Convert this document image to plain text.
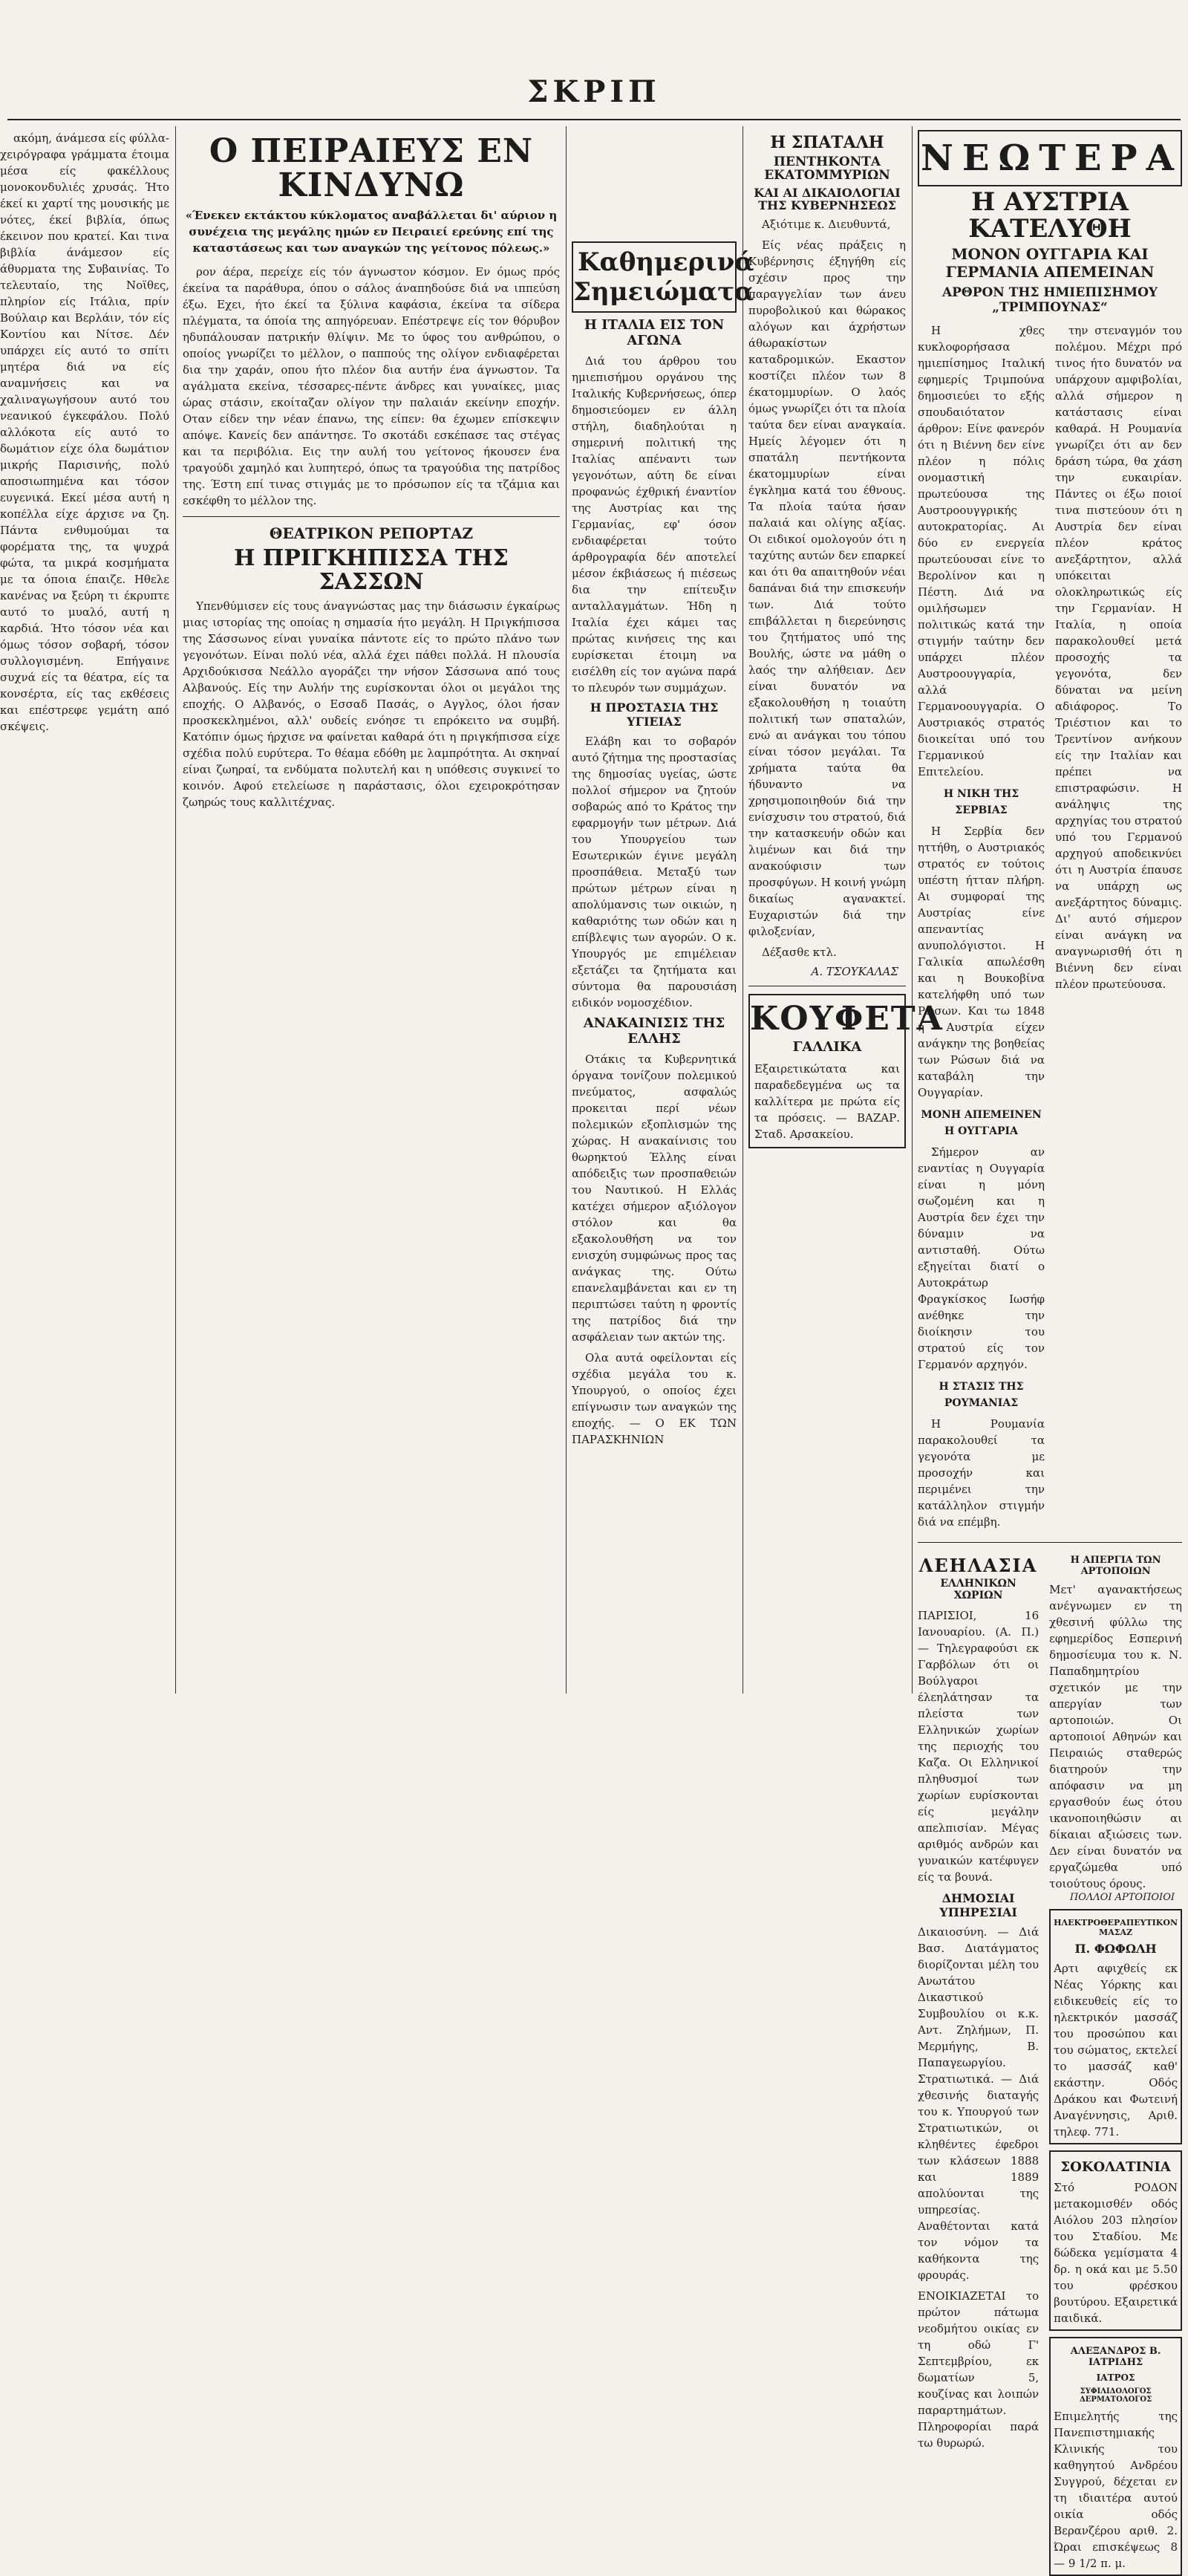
ΣΚΡΙΠ

ακόμη, άνάμεσα είς φύλλα-χειρόγραφα γράμματα έτοιμα μέσα είς φακέλλους μονοκονδυλιές χρυσάς. Ήτο έκεί κι χαρτί της μουσικής με νότες, έκεί βιβλία, όπως έκεινον που κρατεί. Και τινα βιβλία άνάμεσον είς άθυρματα της Συβαινίας. Το τελευταίο, της Νοϊθες, πληρίον είς Ιτάλια, πρίν Βούλαιρ και Βερλάιν, τόν είς Κοντίου και Νίτσε. Δέν υπάρχει είς αυτό το σπίτι μητέρα διά να είς αναμνήσεις και να χαλιναγωγήσουν αυτό του νεανικού έγκεφάλου. Πολύ αλλόκοτα είς αυτό το δωμάτιον είχε όλα δωμάτιον μικρής Παρισινής, πολύ αποσιωπημένα και τόσον ευγενικά. Εκεί μέσα αυτή η κοπέλλα είχε άρχισε να ζη. Πάντα ενθυμούμαι τα φορέματα της, τα ψυχρά φώτα, τα μικρά κοσμήματα με τα όποια έπαιζε. Ηθελε κανένας να ξεύρη τι έκρυπτε αυτό το μυαλό, αυτή η καρδιά. Ήτο τόσον νέα και όμως τόσον σοβαρή, τόσον συλλογισμένη. Επήγαινε συχνά είς τα θέατρα, είς τα κονσέρτα, είς τας εκθέσεις και επέστρεφε γεμάτη από σκέψεις.

Ο ΠΕΙΡΑΙΕΥΣ ΕΝ ΚΙΝΔΥΝΩ
«Ένεκεν εκτάκτου κύκλοματος αναβάλλεται δι' αύριον η συνέχεια της μεγάλης ημών εν Πειραιεί ερεύνης επί της καταστάσεως και των αναγκών της γείτονος πόλεως.»

ρον άέρα, περείχε είς τόν άγνωστον κόσμον. Εν όμως πρός έκείνα τα παράθυρα, όπου ο σάλος άναπηδούσε διά να ιππεύση έξω. Εχει, ήτο έκεί τα ξύλινα καφάσια, έκείνα τα σίδερα πλέγματα, τα όποία της απηγόρευαν. Επέστρεψε είς τον θόρυβον ηδυπάλουσαν πατρικήν θλίψιν. Με το ύφος του ανθρώπου, ο οποίος γνωρίζει το μέλλον, ο παππούς της ολίγον ενδιαφέρεται δια την χαράν, οπου ήτο πλέον δια αυτήν ένα άγνωστον. Τα αγάλματα εκείνα, τέσσαρες-πέντε άνδρες και γυναίκες, μιας ώρας στάσιν, εκοίταζαν ολίγον την παλαιάν εκείνην εποχήν. Οταν είδεν την νέαν έπανω, της είπεν: θα έχωμεν επίσκεψιν απόψε. Κανείς δεν απάντησε. Το σκοτάδι εσκέπασε τας στέγας και τα περιβόλια. Εις την αυλή του γείτονος ήκουσεν ένα τραγούδι χαμηλό και λυπητερό, όπως τα τραγούδια της πατρίδος της. Έστη επί τινας στιγμάς με το πρόσωπον είς τα τζάμια και εσκέφθη το μέλλον της.

ΘΕΑΤΡΙΚΟΝ ΡΕΠΟΡΤΑΖ
Η ΠΡΙΓΚΗΠΙΣΣΑ ΤΗΣ ΣΑΣΣΩΝ

Υπενθύμισεν είς τους άναγνώστας μας την διάσωσιν έγκαίρως μιας ιστορίας της οποίας η σημασία ήτο μεγάλη. Η Πριγκήπισσα της Σάσσωνος είναι γυναίκα πάντοτε είς το πρώτο πλάνο των γεγονότων. Είναι πολύ νέα, αλλά έχει πάθει πολλά. Η πλουσία Αρχιδούκισσα Νεάλλο αγοράζει την νήσον Σάσσωνα από τους Αλβανούς. Είς την Αυλήν της ευρίσκονται όλοι οι μεγάλοι της εποχής. Ο Αλβανός, ο Εσσαδ Πασάς, ο Αγγλος, όλοι ήσαν προσκεκλημένοι, αλλ' ουδείς ενόησε τι επρόκειτο να συμβή. Κατόπιν όμως ήρχισε να φαίνεται καθαρά ότι η πριγκήπισσα είχε σχέδια πολύ ευρύτερα. Το θέαμα εδόθη με λαμπρότητα. Αι σκηναί είναι ζωηραί, τα ενδύματα πολυτελή και η υπόθεσις συγκινεί το κοινόν. Αφού ετελείωσε η παράστασις, όλοι εχειροκρότησαν ζωηρώς τους καλλιτέχνας.

Καθημερινά
Σημειώματα
Η ΙΤΑΛΙΑ ΕΙΣ ΤΟΝ ΑΓΩΝΑ

Διά του άρθρου του ημιεπισήμου οργάνου της Ιταλικής Κυβερνήσεως, όπερ δημοσιεύομεν εν άλλη στήλη, διαδηλούται η σημερινή πολιτική της Ιταλίας απέναντι των γεγονότων, αύτη δε είναι προφανώς έχθρική έναντίον της Αυστρίας και της Γερμανίας, εφ' όσον ενδιαφέρεται τούτο άρθρογραφία δέν αποτελεί μέσον έκβιάσεως ή πιέσεως δια την επίτευξιν ανταλλαγμάτων. Ήδη η Ιταλία έχει κάμει τας πρώτας κινήσεις της και ευρίσκεται έτοιμη να εισέλθη είς τον αγώνα παρά το πλευρόν των συμμάχων.

Η ΠΡΟΣΤΑΣΙΑ ΤΗΣ ΥΓΙΕΙΑΣ

Ελάβη και το σοβαρόν αυτό ζήτημα της προστασίας της δημοσίας υγείας, ώστε πολλοί σήμερον να ζητούν σοβαρώς από το Κράτος την εφαρμογήν των μέτρων. Διά του Υπουργείου των Εσωτερικών έγινε μεγάλη προσπάθεια. Μεταξύ των πρώτων μέτρων είναι η απολύμανσις των οικιών, η καθαριότης των οδών και η επίβλεψις των αγορών. Ο κ. Υπουργός με επιμέλειαν εξετάζει τα ζητήματα και σύντομα θα παρουσιάση ειδικόν νομοσχέδιον.

ΑΝΑΚΑΙΝΙΣΙΣ ΤΗΣ ΕΛΛΗΣ

Οτάκις τα Κυβερνητικά όργανα τονίζουν πολεμικού πνεύματος, ασφαλώς προκειται περί νέων πολεμικών εξοπλισμών της χώρας. Η ανακαίνισις του θωρηκτού Έλλης είναι απόδειξις των προσπαθειών του Ναυτικού. Η Ελλάς κατέχει σήμερον αξιόλογον στόλον και θα εξακολουθήση να τον ενισχύη συμφώνως προς τας ανάγκας της. Ούτω επανελαμβάνεται και εν τη περιπτώσει ταύτη η φροντίς της πατρίδος διά την ασφάλειαν των ακτών της.

Ολα αυτά οφείλονται είς σχέδια μεγάλα του κ. Υπουργού, ο οποίος έχει επίγνωσιν των αναγκών της εποχής. — Ο ΕΚ ΤΩΝ ΠΑΡΑΣΚΗΝΙΩΝ

Η ΣΠΑΤΑΛΗ
ΠΕΝΤΗΚΟΝΤΑ ΕΚΑΤΟΜΜΥΡΙΩΝ
ΚΑΙ ΑΙ ΔΙΚΑΙΟΛΟΓΙΑΙ ΤΗΣ ΚΥΒΕΡΝΗΣΕΩΣ

Αξιότιμε κ. Διευθυντά,

Είς νέας πράξεις η Κυβέρνησις έξηγήθη είς σχέσιν προς την παραγγελίαν των άνευ πυροβολικού και θώρακος αλόγων και άχρήστων άθωρακίστων καταδρομικών. Εκαστον κοστίζει πλέον των 8 έκατομμυρίων. Ο λαός όμως γνωρίζει ότι τα πλοία ταύτα δεν είναι αναγκαία. Ημείς λέγομεν ότι η σπατάλη πεντήκοντα έκατομμυρίων είναι έγκλημα κατά του έθνους. Τα πλοία ταύτα ήσαν παλαιά και ολίγης αξίας. Οι ειδικοί ομολογούν ότι η ταχύτης αυτών δεν επαρκεί και ότι θα απαιτηθούν νέαι δαπάναι διά την επισκευήν των. Διά τούτο επιβάλλεται η διερεύνησις του ζητήματος υπό της Βουλής, ώστε να μάθη ο λαός την αλήθειαν. Δεν είναι δυνατόν να εξακολουθήση η τοιαύτη πολιτική των σπαταλών, ενώ αι ανάγκαι του τόπου είναι τόσον μεγάλαι. Τα χρήματα ταύτα θα ήδυναντο να χρησιμοποιηθούν διά την ενίσχυσιν του στρατού, διά την κατασκευήν οδών και λιμένων και διά την ανακούφισιν των προσφύγων. Η κοινή γνώμη δικαίως αγανακτεί. Ευχαριστών διά την φιλοξενίαν,

Δέξασθε κτλ.

Α. ΤΣΟΥΚΑΛΑΣ
ΚΟΥΦΕΤΑ
ΓΑΛΛΙΚΑ
Εξαιρετικώτατα και παραδεδεγμένα ως τα καλλίτερα με πρώτα είς τα πρόσεις. — ΒΑΖΑΡ. Σταδ. Αρσακείου.
ΝΕΩΤΕΡΑ
Η ΑΥΣΤΡΙΑ ΚΑΤΕΛΥΘΗ
ΜΟΝΟΝ ΟΥΓΓΑΡΙΑ ΚΑΙ ΓΕΡΜΑΝΙΑ ΑΠΕΜΕΙΝΑΝ
ΑΡΘΡΟΝ ΤΗΣ ΗΜΙΕΠΙΣΗΜΟΥ „ΤΡΙΜΠΟΥΝΑΣ“

Η χθες κυκλοφορήσασα ημιεπίσημος Ιταλική εφημερίς Τριμπούνα δημοσιεύει το εξής σπουδαιότατον άρθρον: Είνε φανερόν ότι η Βιέννη δεν είνε πλέον η πόλις ονομαστική πρωτεύουσα της Αυστροουγγρικής αυτοκρατορίας. Αι δύο εν ενεργεία πρωτεύουσαι είνε το Βερολίνον και η Πέστη. Διά να ομιλήσωμεν πολιτικώς κατά την στιγμήν ταύτην δεν υπάρχει πλέον Αυστροουγγαρία, αλλά Γερμανοουγγαρία. Ο Αυστριακός στρατός διοικείται υπό του Γερμανικού Επιτελείου.

Η ΝΙΚΗ ΤΗΣ ΣΕΡΒΙΑΣ

Η Σερβία δεν ηττήθη, ο Αυστριακός στρατός εν τούτοις υπέστη ήτταν πλήρη. Αι συμφοραί της Αυστρίας είνε απεναντίας ανυπολόγιστοι. Η Γαλικία απωλέσθη και η Βουκοβίνα κατελήφθη υπό των Ρώσων. Και τω 1848 η Αυστρία είχεν ανάγκην της βοηθείας των Ρώσων διά να καταβάλη την Ουγγαρίαν.

ΜΟΝΗ ΑΠΕΜΕΙΝΕΝ Η ΟΥΓΓΑΡΙΑ

Σήμερον αν εναντίας η Ουγγαρία είναι η μόνη σωζομένη και η Αυστρία δεν έχει την δύναμιν να αντισταθή. Ούτω εξηγείται διατί ο Αυτοκράτωρ Φραγκίσκος Ιωσήφ ανέθηκε την διοίκησιν του στρατού είς τον Γερμανόν αρχηγόν.

Η ΣΤΑΣΙΣ ΤΗΣ ΡΟΥΜΑΝΙΑΣ

Η Ρουμανία παρακολουθεί τα γεγονότα με προσοχήν και περιμένει την κατάλληλον στιγμήν διά να επέμβη.

την στεναγμόν του πολέμου. Μέχρι πρό τινος ήτο δυνατόν να υπάρχουν αμφιβολίαι, αλλά σήμερον η κατάστασις είναι καθαρά. Η Ρουμανία γνωρίζει ότι αν δεν δράση τώρα, θα χάση την ευκαιρίαν. Πάντες οι έξω ποιοί τινα πιστεύουν ότι η Αυστρία δεν είναι πλέον κράτος ανεξάρτητον, αλλά υπόκειται ολοκληρωτικώς είς την Γερμανίαν. Η Ιταλία, η οποία παρακολουθεί μετά προσοχής τα γεγονότα, δεν δύναται να μείνη αδιάφορος. Το Τριέστιον και το Τρεντίνον ανήκουν είς την Ιταλίαν και πρέπει να επιστραφώσιν. Η ανάληψις της αρχηγίας του στρατού υπό του Γερμανού αρχηγού αποδεικνύει ότι η Αυστρία έπαυσε να υπάρχη ως ανεξάρτητος δύναμις. Δι' αυτό σήμερον είναι ανάγκη να αναγνωρισθή ότι η Βιέννη δεν είναι πλέον πρωτεύουσα.

ΛΕΗΛΑΣΙΑ
ΕΛΛΗΝΙΚΩΝ ΧΩΡΙΩΝ
ΠΑΡΙΣΙΟΙ, 16 Ιανουαρίου. (Α. Π.) — Τηλεγραφούσι εκ Γαρβόλων ότι οι Βούλγαροι έλεηλάτησαν τα πλείστα των Ελληνικών χωρίων της περιοχής του Καζα. Οι Ελληνικοί πληθυσμοί των χωρίων ευρίσκονται είς μεγάλην απελπισίαν. Μέγας αριθμός ανδρών και γυναικών κατέφυγεν είς τα βουνά.
ΔΗΜΟΣΙΑΙ ΥΠΗΡΕΣΙΑΙ
Δικαιοσύνη. — Διά Βασ. Διατάγματος διορίζονται μέλη του Ανωτάτου Δικαστικού Συμβουλίου οι κ.κ. Αντ. Ζηλήμων, Π. Μερμήγης, Β. Παπαγεωργίου. Στρατιωτικά. — Διά χθεσινής διαταγής του κ. Υπουργού των Στρατιωτικών, οι κληθέντες έφεδροι των κλάσεων 1888 και 1889 απολύονται της υπηρεσίας. Αναθέτονται κατά τον νόμον τα καθήκοντα της φρουράς.
ΕΝΟΙΚΙΑΖΕΤΑΙ το πρώτον πάτωμα νεοδμήτου οικίας εν τη οδώ Γ' Σεπτεμβρίου, εκ δωματίων 5, κουζίνας και λοιπών παραρτημάτων. Πληροφορίαι παρά τω θυρωρώ.
Η ΑΠΕΡΓΙΑ ΤΩΝ ΑΡΤΟΠΟΙΩΝ
Μετ' αγανακτήσεως ανέγνωμεν εν τη χθεσινή φύλλω της εφημερίδος Εσπερινή δημοσίευμα του κ. Ν. Παπαδημητρίου σχετικόν με την απεργίαν των αρτοποιών. Οι αρτοποιοί Αθηνών και Πειραιώς σταθερώς διατηρούν την απόφασιν να μη εργασθούν έως ότου ικανοποιηθώσιν αι δίκαιαι αξιώσεις των. Δεν είναι δυνατόν να εργαζώμεθα υπό τοιούτους όρους.
ΠΟΛΛΟΙ ΑΡΤΟΠΟΙΟΙ
ΗΛΕΚΤΡΟΘΕΡΑΠΕΥΤΙΚΟΝ ΜΑΣΑΖ
Π. ΦΩΦΩΛΗ
Αρτι αφιχθείς εκ Νέας Υόρκης και ειδικευθείς είς το ηλεκτρικόν μασσάζ του προσώπου και του σώματος, εκτελεί το μασσάζ καθ' εκάστην. Οδός Δράκου και Φωτεινή Αναγέννησις, Αριθ. τηλεφ. 771.
ΣΟΚΟΛΑΤΙΝΙΑ
Στό ΡΟΔΟΝ μετακομισθέν οδός Αιόλου 203 πλησίον του Σταδίου. Με δώδεκα γεμίσματα 4 δρ. η οκά και με 5.50 του φρέσκου βουτύρου. Εξαιρετικά παιδικά.
ΑΛΕΞΑΝΔΡΟΣ Β. ΙΑΤΡΙΔΗΣ
ΙΑΤΡΟΣ
ΣΥΦΙΛΙΔΟΛΟΓΟΣ ΔΕΡΜΑΤΟΛΟΓΟΣ
Επιμελητής της Πανεπιστημιακής Κλινικής του καθηγητού Ανδρέου Συγγρού, δέχεται εν τη ιδιαιτέρα αυτού οικία οδός Βερανζέρου αριθ. 2. Ώραι επισκέψεως 8 — 9 1/2 π. μ.
